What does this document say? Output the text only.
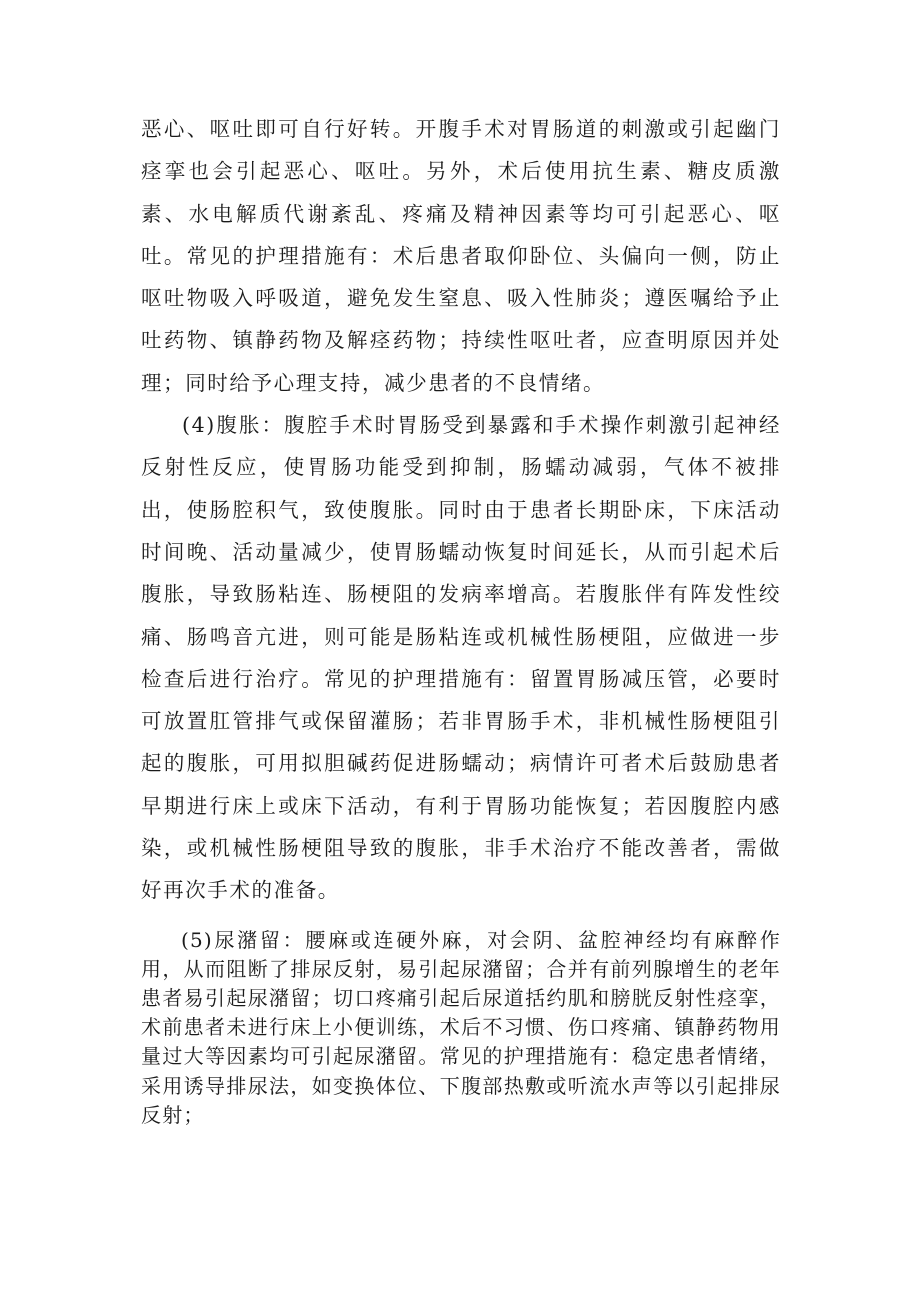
恶心、呕吐即可自行好转。开腹手术对胃肠道的刺激或引起幽门痉挛也会引起恶心、呕吐。另外，术后使用抗生素、糖皮质激素、水电解质代谢紊乱、疼痛及精神因素等均可引起恶心、呕吐。常见的护理措施有：术后患者取仰卧位、头偏向一侧，防止呕吐物吸入呼吸道，避免发生窒息、吸入性肺炎；遵医嘱给予止吐药物、镇静药物及解痉药物；持续性呕吐者，应查明原因并处理；同时给予心理支持，减少患者的不良情绪。

(4)腹胀：腹腔手术时胃肠受到暴露和手术操作刺激引起神经反射性反应，使胃肠功能受到抑制，肠蠕动减弱，气体不被排出，使肠腔积气，致使腹胀。同时由于患者长期卧床，下床活动时间晚、活动量减少，使胃肠蠕动恢复时间延长，从而引起术后腹胀，导致肠粘连、肠梗阻的发病率增高。若腹胀伴有阵发性绞痛、肠鸣音亢进，则可能是肠粘连或机械性肠梗阻，应做进一步检查后进行治疗。常见的护理措施有：留置胃肠减压管，必要时可放置肛管排气或保留灌肠；若非胃肠手术，非机械性肠梗阻引起的腹胀，可用拟胆碱药促进肠蠕动；病情许可者术后鼓励患者早期进行床上或床下活动，有利于胃肠功能恢复；若因腹腔内感染，或机械性肠梗阻导致的腹胀，非手术治疗不能改善者，需做好再次手术的准备。

(5)尿潴留：腰麻或连硬外麻，对会阴、盆腔神经均有麻醉作用，从而阻断了排尿反射，易引起尿潴留；合并有前列腺增生的老年患者易引起尿潴留；切口疼痛引起后尿道括约肌和膀胱反射性痉挛，术前患者未进行床上小便训练，术后不习惯、伤口疼痛、镇静药物用量过大等因素均可引起尿潴留。常见的护理措施有：稳定患者情绪，采用诱导排尿法，如变换体位、下腹部热敷或听流水声等以引起排尿反射；
